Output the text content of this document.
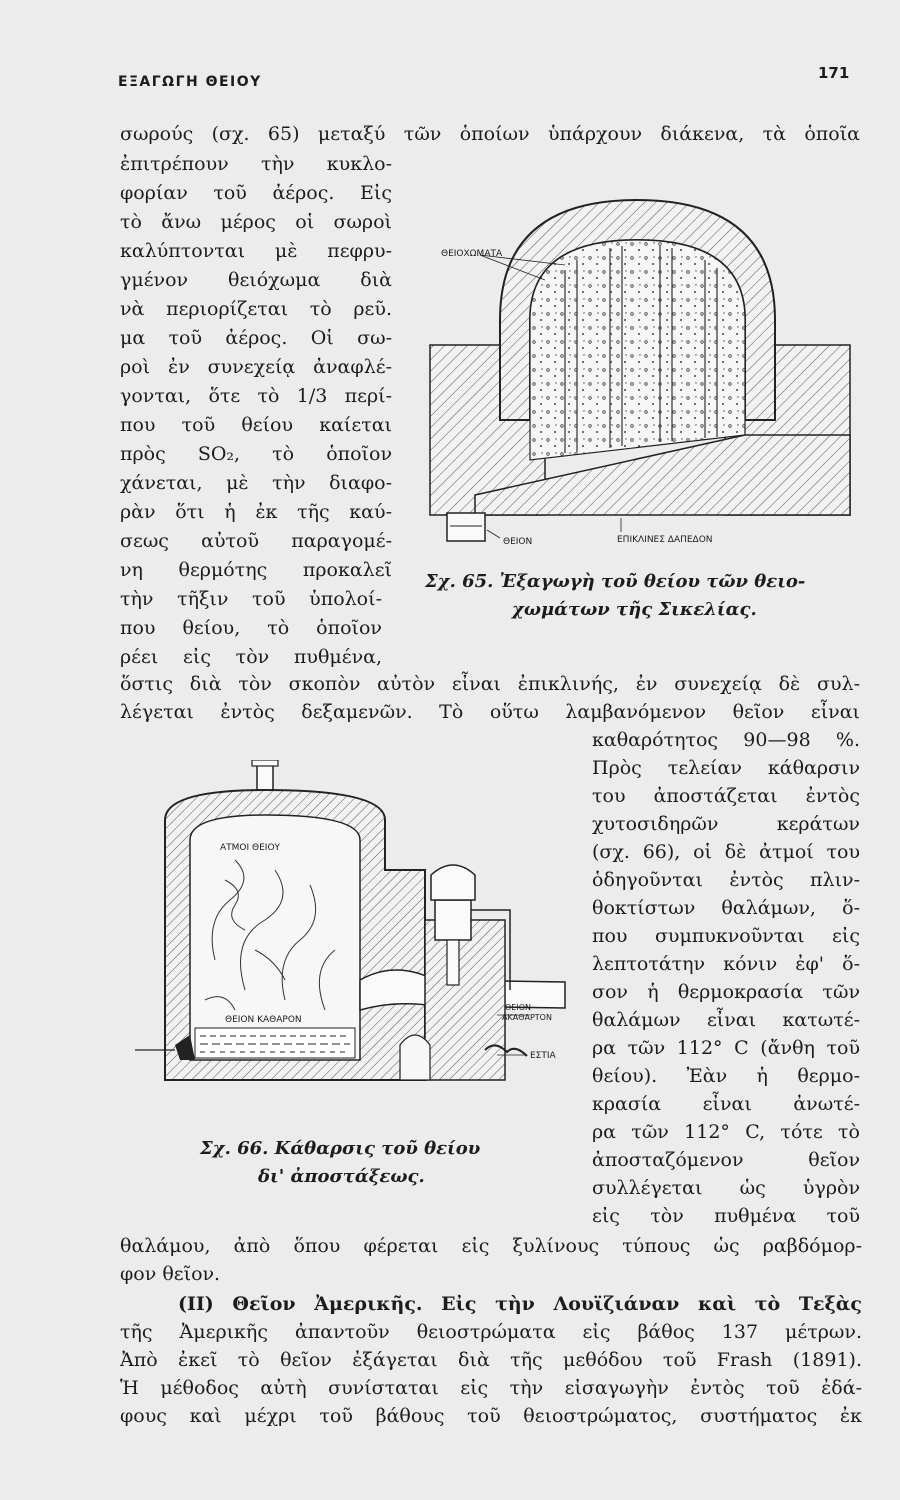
ΕΞΑΓΩΓΗ ΘΕΙΟΥ	171
σωρούς (σχ. 65) μεταξύ τῶν ὁποίων ὑπάρχουν διάκενα, τὰ ὁποῖα
ἐπιτρέπουν τὴν κυκλο-
φορίαν τοῦ ἀέρος. Εἰς
τὸ ἄνω μέρος οἱ σωροὶ
καλύπτονται μὲ πεφρυ-
γμένον θειόχωμα διὰ
νὰ περιορίζεται τὸ ρεῦ.
μα τοῦ ἀέρος. Οἱ σω-
ροὶ ἐν συνεχείᾳ ἀναφλέ-
γονται, ὅτε τὸ 1/3 περί-
που τοῦ θείου καίεται
πρὸς SO₂, τὸ ὁποῖον
χάνεται, μὲ τὴν διαφο-
ρὰν ὅτι ἡ ἐκ τῆς καύ-
σεως αὐτοῦ παραγομέ-
νη θερμότης προκαλεῖ
τὴν τῆξιν τοῦ ὑπολοί-
που θείου, τὸ ὁποῖον
ρέει εἰς τὸν πυθμένα,
ὅστις διὰ τὸν σκοπὸν αὐτὸν εἶναι ἐπικλινής, ἐν συνεχείᾳ δὲ συλ-
λέγεται ἐντὸς δεξαμενῶν. Τὸ οὕτω λαμβανόμενον θεῖον εἶναι
ΘΕΙΟΧΩΜΑΤΑ
ΘΕΙΟΝ	ΕΠΙΚΛΙΝΕΣ ΔΑΠΕΔΟΝ
Σχ. 65. Ἐξαγωγὴ τοῦ θείου τῶν θειο-
χωμάτων τῆς Σικελίας.
καθαρότητος 90—98 %.
Πρὸς τελείαν κάθαρσιν
του ἀποστάζεται ἐντὸς
χυτοσιδηρῶν κεράτων
(σχ. 66), οἱ δὲ ἀτμοί του
ὁδηγοῦνται ἐντὸς πλιν-
θοκτίστων θαλάμων, ὅ-
που συμπυκνοῦνται εἰς
λεπτοτάτην κόνιν ἐφ' ὅ-
σον ἡ θερμοκρασία τῶν
θαλάμων εἶναι κατωτέ-
ρα τῶν 112° C (ἄνθη τοῦ
θείου). Ἐὰν ἡ θερμο-
κρασία εἶναι ἀνωτέ-
ρα τῶν 112° C, τότε τὸ
ἀποσταζόμενον θεῖον
συλλέγεται ὡς ὑγρὸν
εἰς τὸν πυθμένα τοῦ
ΑΤΜΟΙ ΘΕΙΟΥ
ΘΕΙΟΝ ΚΑΘΑΡΟΝ
ΘΕΙΟΝ
ΑΚΑΘΑΡΤΟΝ
ΕΣΤΙΑ
Σχ. 66. Κάθαρσις τοῦ θείου
δι' ἀποστάξεως.
θαλάμου, ἀπὸ ὅπου φέρεται εἰς ξυλίνους τύπους ὡς ραβδόμορ-
φον θεῖον.
(II) Θεῖον Ἀμερικῆς. Εἰς τὴν Λουϊζιάναν καὶ τὸ Τεξὰς
τῆς Ἀμερικῆς ἀπαντοῦν θειοστρώματα εἰς βάθος 137 μέτρων.
Ἀπὸ ἐκεῖ τὸ θεῖον ἐξάγεται διὰ τῆς μεθόδου τοῦ Frash (1891).
Ἡ μέθοδος αὐτὴ συνίσταται εἰς τὴν εἰσαγωγὴν ἐντὸς τοῦ ἐδά-
φους καὶ μέχρι τοῦ βάθους τοῦ θειοστρώματος, συστήματος ἐκ
